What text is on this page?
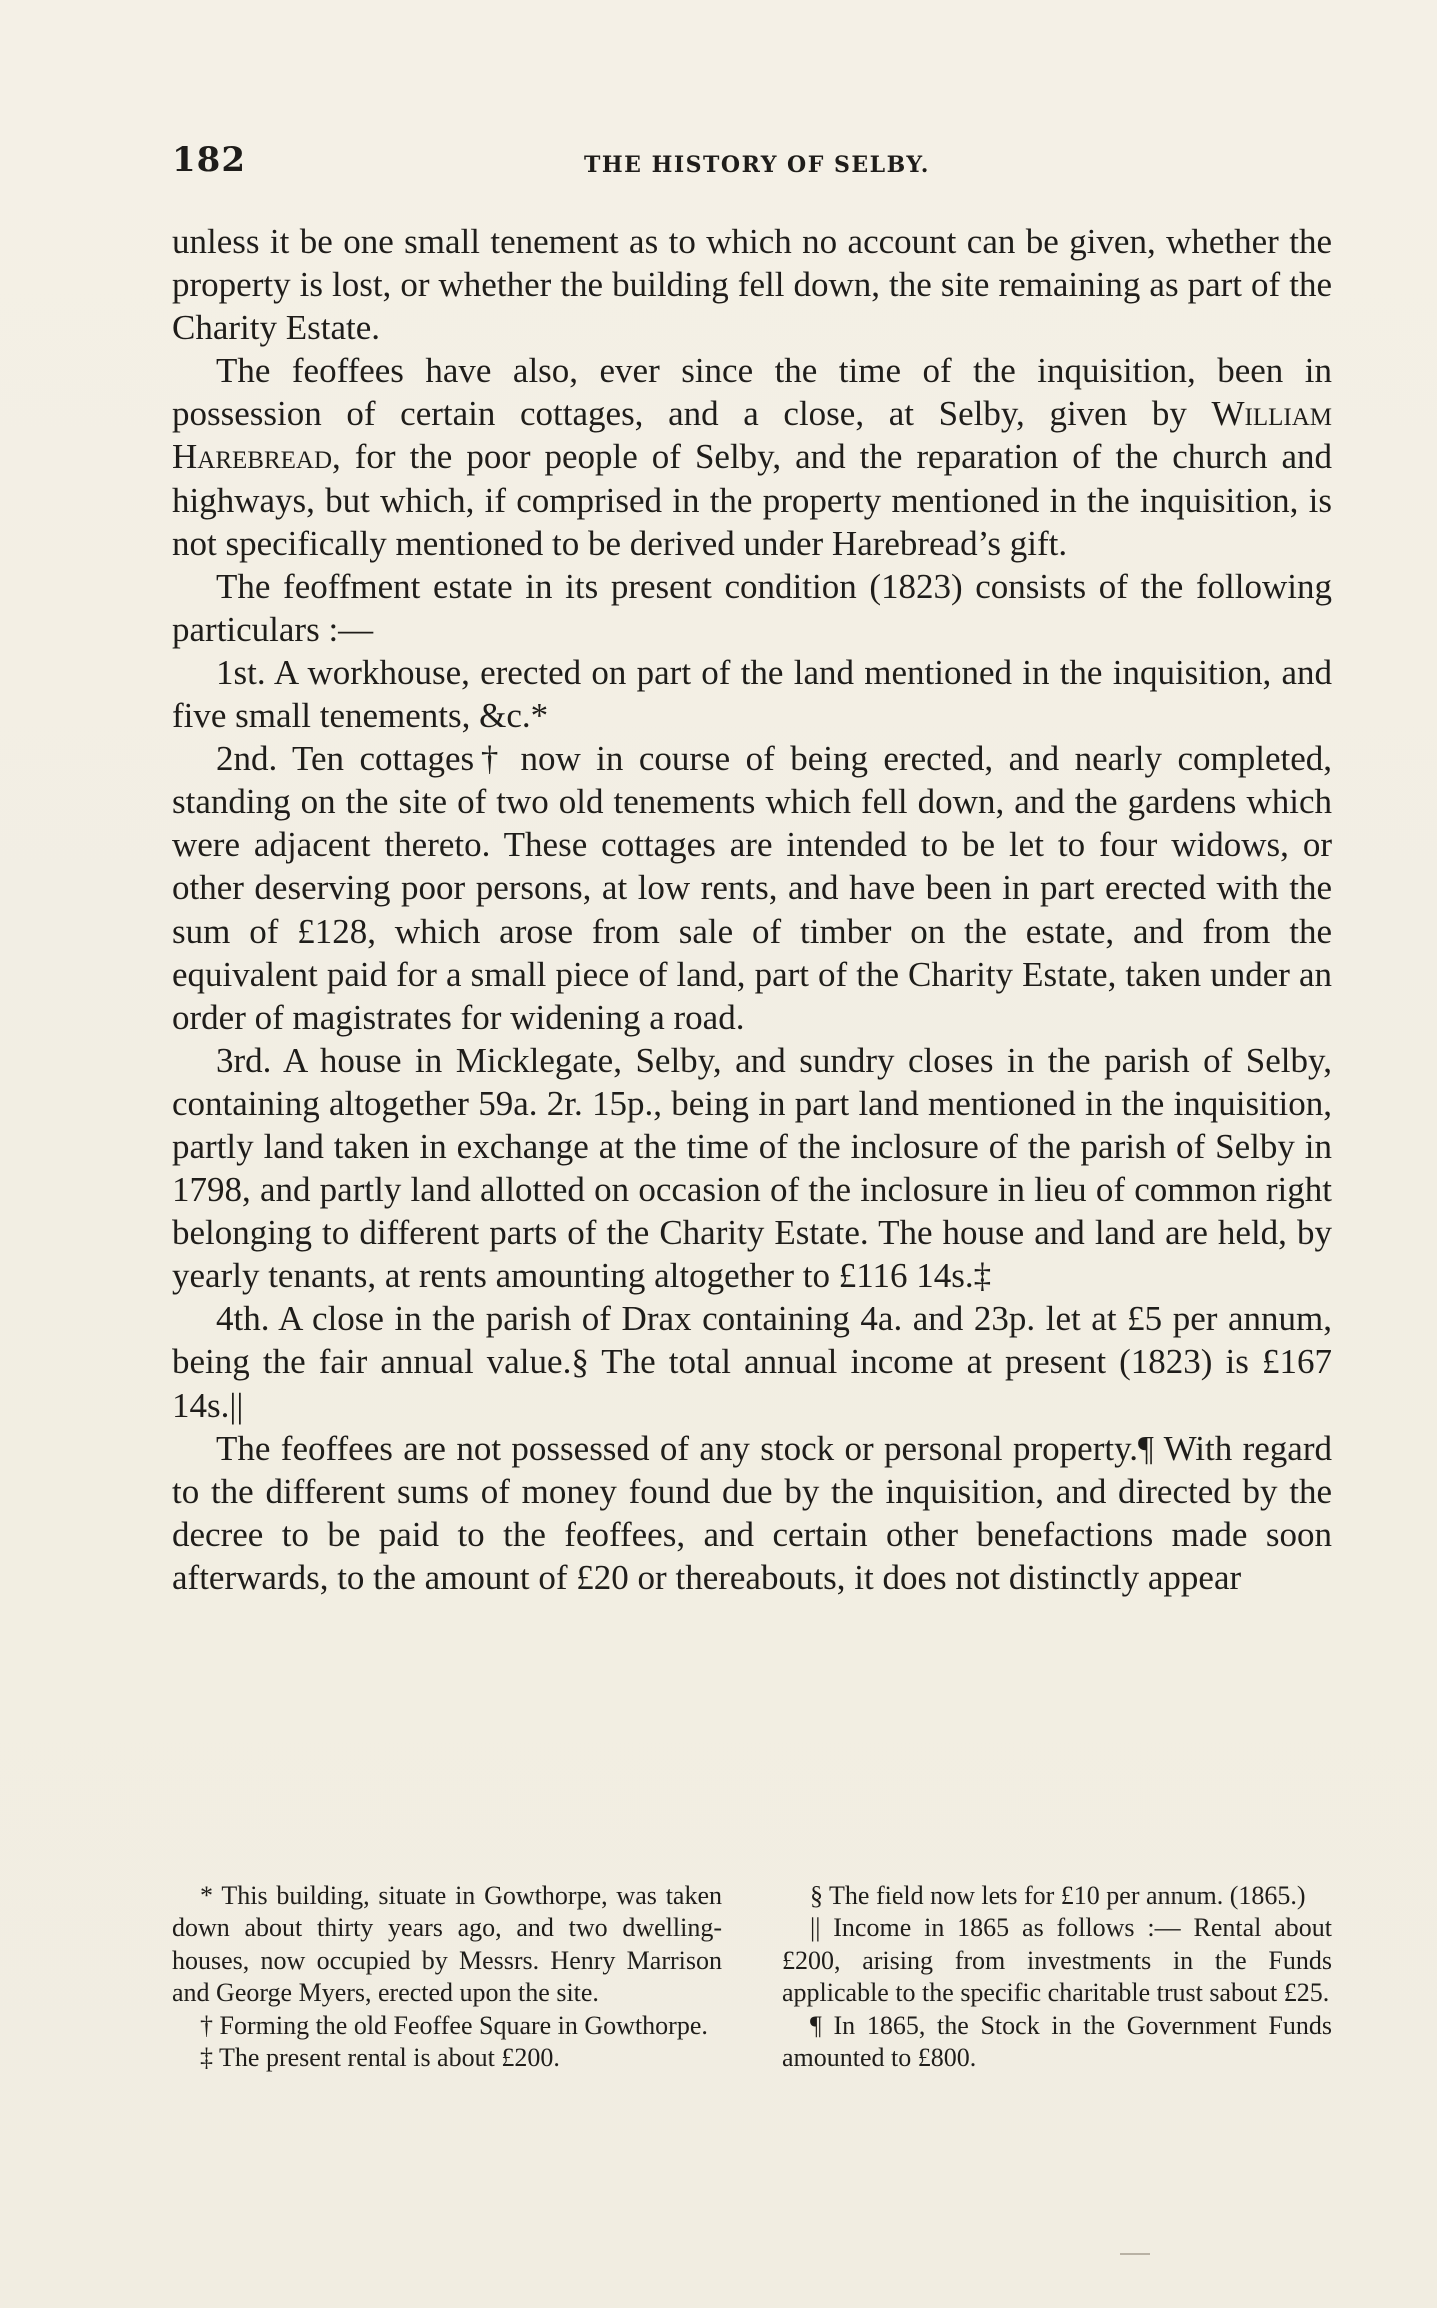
182	THE HISTORY OF SELBY.

unless it be one small tenement as to which no account can be given, whether the property is lost, or whether the building fell down, the site remaining as part of the Charity Estate.

The feoffees have also, ever since the time of the inquisition, been in possession of certain cottages, and a close, at Selby, given by William Harebread, for the poor people of Selby, and the reparation of the church and highways, but which, if comprised in the property mentioned in the inquisition, is not specifically mentioned to be derived under Harebread’s gift.

The feoffment estate in its present condition (1823) consists of the following particulars :—

1st. A workhouse, erected on part of the land mentioned in the inquisition, and five small tenements, &c.*

2nd. Ten cottages† now in course of being erected, and nearly completed, standing on the site of two old tenements which fell down, and the gardens which were adjacent thereto. These cottages are intended to be let to four widows, or other deserving poor persons, at low rents, and have been in part erected with the sum of £128, which arose from sale of timber on the estate, and from the equivalent paid for a small piece of land, part of the Charity Estate, taken under an order of magistrates for widening a road.

3rd. A house in Micklegate, Selby, and sundry closes in the parish of Selby, containing altogether 59a. 2r. 15p., being in part land mentioned in the inquisition, partly land taken in exchange at the time of the inclosure of the parish of Selby in 1798, and partly land allotted on occasion of the inclosure in lieu of common right belonging to different parts of the Charity Estate. The house and land are held, by yearly tenants, at rents amounting altogether to £116 14s.‡

4th. A close in the parish of Drax containing 4a. and 23p. let at £5 per annum, being the fair annual value.§ The total annual income at present (1823) is £167 14s.||

The feoffees are not possessed of any stock or personal property.¶ With regard to the different sums of money found due by the inquisition, and directed by the decree to be paid to the feoffees, and certain other benefactions made soon afterwards, to the amount of £20 or thereabouts, it does not distinctly appear

* This building, situate in Gowthorpe, was taken down about thirty years ago, and two dwelling-houses, now occupied by Messrs. Henry Marrison and George Myers, erected upon the site.

† Forming the old Feoffee Square in Gowthorpe.

‡ The present rental is about £200.

§ The field now lets for £10 per annum. (1865.)

|| Income in 1865 as follows :— Rental about £200, arising from investments in the Funds applicable to the specific charitable trust sabout £25.

¶ In 1865, the Stock in the Government Funds amounted to £800.
